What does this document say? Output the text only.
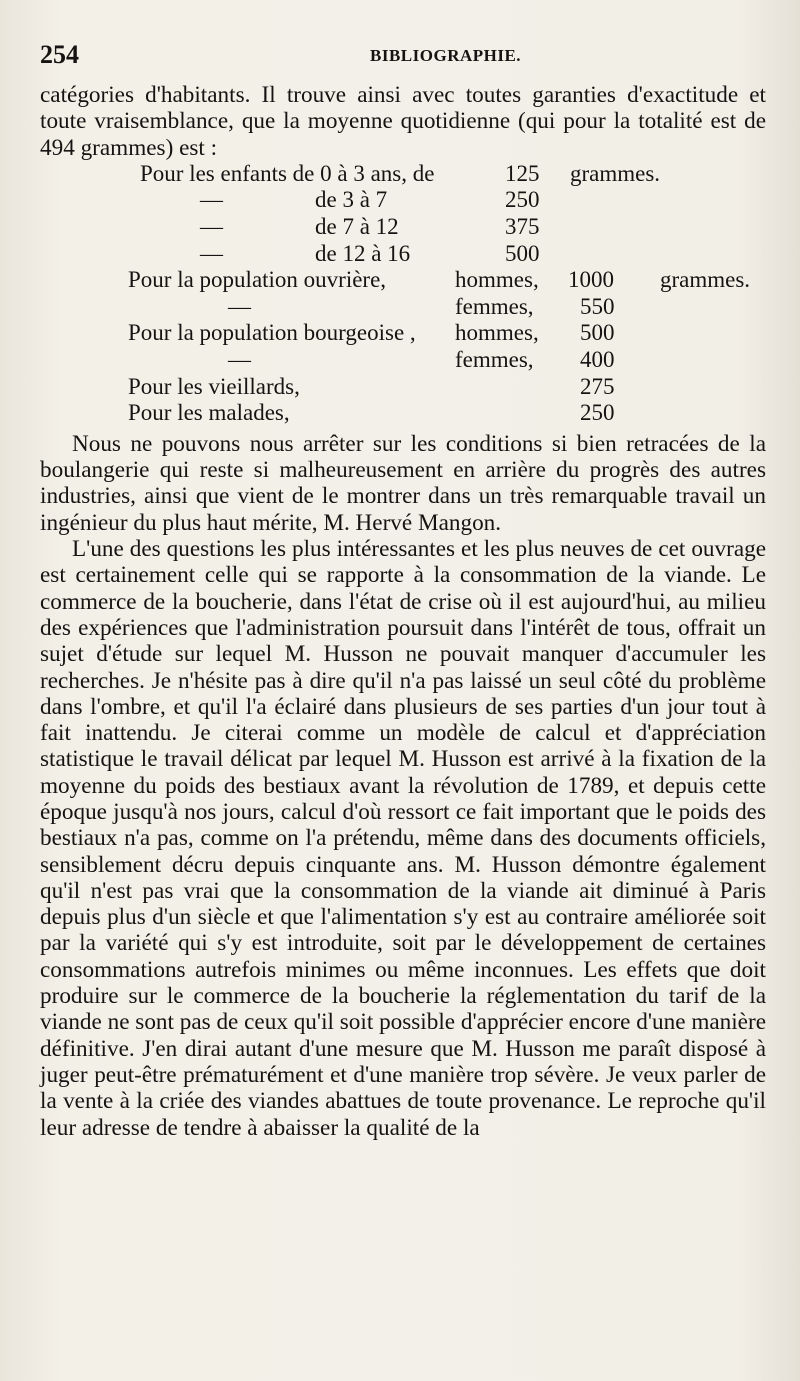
254	BIBLIOGRAPHIE.

catégories d'habitants. Il trouve ainsi avec toutes garanties d'exactitude et toute vraisemblance, que la moyenne quotidienne (qui pour la totalité est de 494 grammes) est :

Pour les enfants de 0 à 3 ans, de	125 grammes.
—	de 3 à 7	250
—	de 7 à 12	375
—	de 12 à 16	500
Pour la population ouvrière,	hommes, 1000 grammes.
—	femmes, 550
Pour la population bourgeoise , hommes, 500
—	femmes, 400
Pour les vieillards,	275
Pour les malades,	250

Nous ne pouvons nous arrêter sur les conditions si bien retracées de la boulangerie qui reste si malheureusement en arrière du progrès des autres industries, ainsi que vient de le montrer dans un très remarquable travail un ingénieur du plus haut mérite, M. Hervé Mangon.

L'une des questions les plus intéressantes et les plus neuves de cet ouvrage est certainement celle qui se rapporte à la consommation de la viande. Le commerce de la boucherie, dans l'état de crise où il est aujourd'hui, au milieu des expériences que l'administration poursuit dans l'intérêt de tous, offrait un sujet d'étude sur lequel M. Husson ne pouvait manquer d'accumuler les recherches. Je n'hésite pas à dire qu'il n'a pas laissé un seul côté du problème dans l'ombre, et qu'il l'a éclairé dans plusieurs de ses parties d'un jour tout à fait inattendu. Je citerai comme un modèle de calcul et d'appréciation statistique le travail délicat par lequel M. Husson est arrivé à la fixation de la moyenne du poids des bestiaux avant la révolution de 1789, et depuis cette époque jusqu'à nos jours, calcul d'où ressort ce fait important que le poids des bestiaux n'a pas, comme on l'a prétendu, même dans des documents officiels, sensiblement décru depuis cinquante ans. M. Husson démontre également qu'il n'est pas vrai que la consommation de la viande ait diminué à Paris depuis plus d'un siècle et que l'alimentation s'y est au contraire améliorée soit par la variété qui s'y est introduite, soit par le développement de certaines consommations autrefois minimes ou même inconnues. Les effets que doit produire sur le commerce de la boucherie la réglementation du tarif de la viande ne sont pas de ceux qu'il soit possible d'apprécier encore d'une manière définitive. J'en dirai autant d'une mesure que M. Husson me paraît disposé à juger peut-être prématurément et d'une manière trop sévère. Je veux parler de la vente à la criée des viandes abattues de toute provenance. Le reproche qu'il leur adresse de tendre à abaisser la qualité de la
